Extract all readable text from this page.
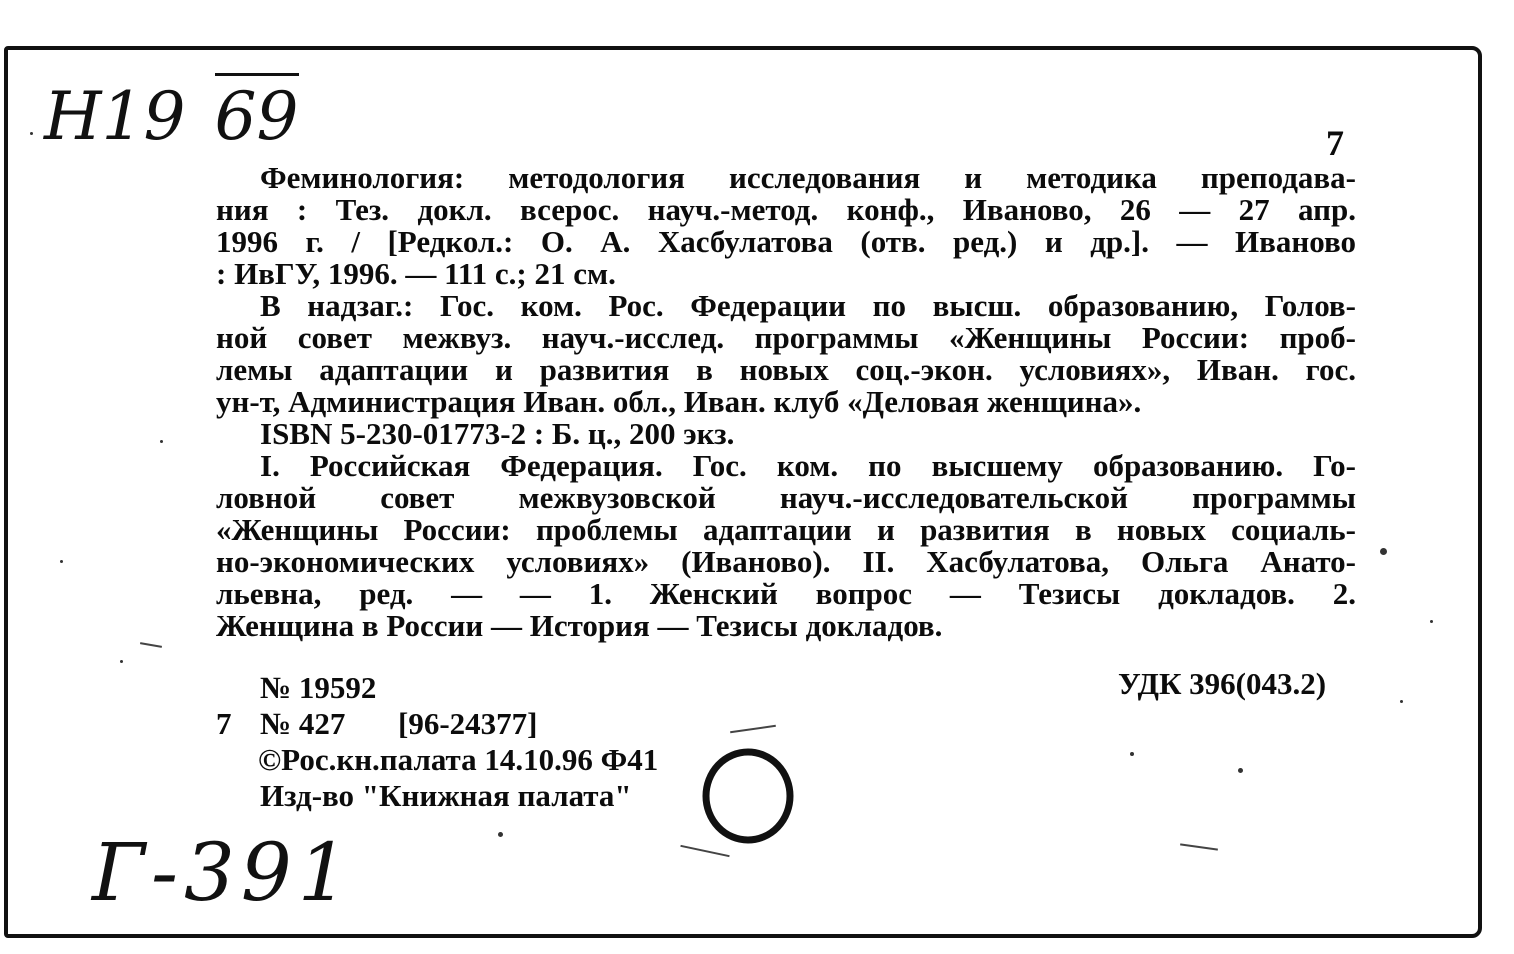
Н19 69
Г-391
7
Феминология: методология исследования и методика преподава-
ния : Тез. докл. всерос. науч.-метод. конф., Иваново, 26 — 27 апр.
1996 г. / [Редкол.: О. А. Хасбулатова (отв. ред.) и др.]. — Иваново
: ИвГУ, 1996. — 111 с.; 21 см.
В надзаг.: Гос. ком. Рос. Федерации по высш. образованию, Голов-
ной совет межвуз. науч.-исслед. программы «Женщины России: проб-
лемы адаптации и развития в новых соц.-экон. условиях», Иван. гос.
ун-т, Администрация Иван. обл., Иван. клуб «Деловая женщина».
ISBN 5-230-01773-2 : Б. ц., 200 экз.
I. Российская Федерация. Гос. ком. по высшему образованию. Го-
ловной совет межвузовской науч.-исследовательской программы
«Женщины России: проблемы адаптации и развития в новых социаль-
но-экономических условиях» (Иваново). II. Хасбулатова, Ольга Анато-
льевна, ред. — — 1. Женский вопрос — Тезисы докладов. 2.
Женщина в России — История — Тезисы докладов.
№ 19592	УДК 396(043.2)
7 № 427 [96-24377]
©Рос.кн.палата 14.10.96 Ф41
Изд-во "Книжная палата"
